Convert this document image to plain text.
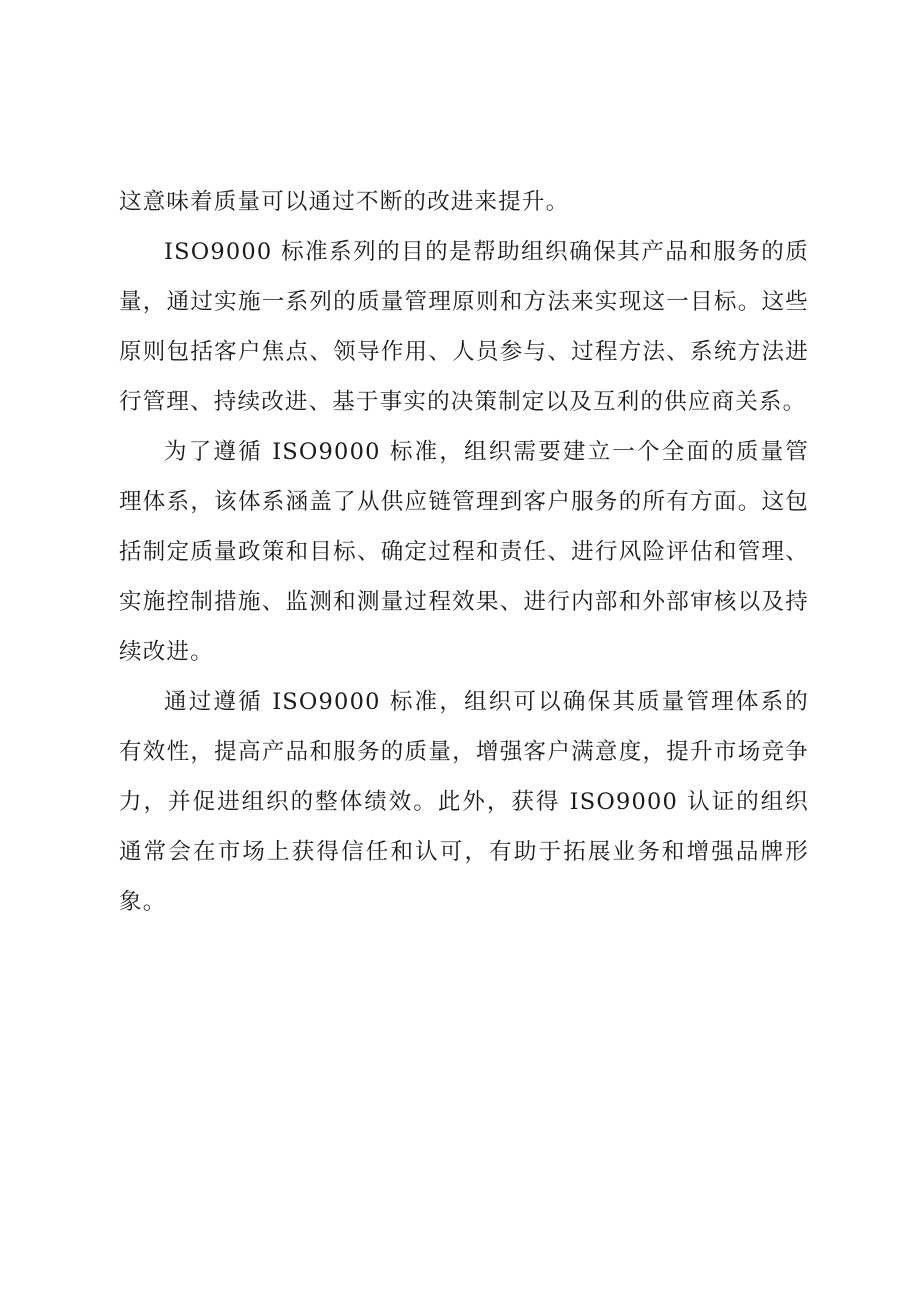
这意味着质量可以通过不断的改进来提升。

ISO9000 标准系列的目的是帮助组织确保其产品和服务的质量，通过实施一系列的质量管理原则和方法来实现这一目标。这些原则包括客户焦点、领导作用、人员参与、过程方法、系统方法进行管理、持续改进、基于事实的决策制定以及互利的供应商关系。

为了遵循 ISO9000 标准，组织需要建立一个全面的质量管理体系，该体系涵盖了从供应链管理到客户服务的所有方面。这包括制定质量政策和目标、确定过程和责任、进行风险评估和管理、实施控制措施、监测和测量过程效果、进行内部和外部审核以及持续改进。

通过遵循 ISO9000 标准，组织可以确保其质量管理体系的有效性，提高产品和服务的质量，增强客户满意度，提升市场竞争力，并促进组织的整体绩效。此外，获得 ISO9000 认证的组织通常会在市场上获得信任和认可，有助于拓展业务和增强品牌形象。
